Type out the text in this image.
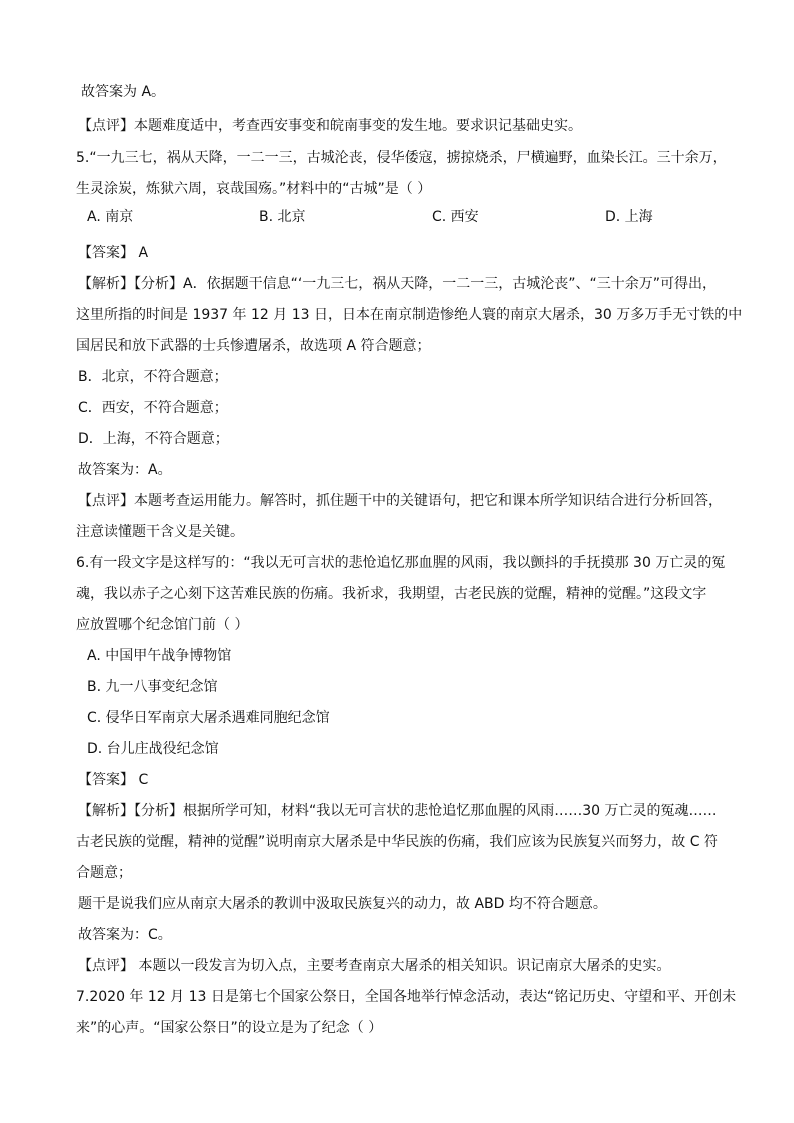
故答案为 A。
【点评】本题难度适中，考查西安事变和皖南事变的发生地。要求识记基础史实。
5.“一九三七，祸从天降，一二一三，古城沦丧，侵华倭寇，掳掠烧杀，尸横遍野，血染长江。三十余万，
生灵涂炭，炼狱六周，哀哉国殇。”材料中的“古城”是（ ）
【答案】 A
【解析】【分析】A．依据题干信息“‘一九三七，祸从天降，一二一三，古城沦丧”、“三十余万”可得出，
这里所指的时间是 1937 年 12 月 13 日，日本在南京制造惨绝人寰的南京大屠杀，30 万多万手无寸铁的中
国居民和放下武器的士兵惨遭屠杀，故选项 A 符合题意；
B．北京，不符合题意；
C．西安，不符合题意；
D．上海，不符合题意；
故答案为：A。
【点评】本题考查运用能力。解答时，抓住题干中的关键语句，把它和课本所学知识结合进行分析回答，
注意读懂题干含义是关键。
6.有一段文字是这样写的：“我以无可言状的悲怆追忆那血腥的风雨，我以颤抖的手抚摸那 30 万亡灵的冤
魂，我以赤子之心刻下这苦难民族的伤痛。我祈求，我期望，古老民族的觉醒，精神的觉醒。”这段文字
应放置哪个纪念馆门前（ ）
A. 中国甲午战争博物馆
B. 九一八事变纪念馆
C. 侵华日军南京大屠杀遇难同胞纪念馆
D. 台儿庄战役纪念馆
【答案】 C
【解析】【分析】根据所学可知，材料“我以无可言状的悲怆追忆那血腥的风雨……30 万亡灵的冤魂……
古老民族的觉醒，精神的觉醒”说明南京大屠杀是中华民族的伤痛，我们应该为民族复兴而努力，故 C 符
合题意；
题干是说我们应从南京大屠杀的教训中汲取民族复兴的动力，故 ABD 均不符合题意。
故答案为：C。
【点评】 本题以一段发言为切入点，主要考查南京大屠杀的相关知识。识记南京大屠杀的史实。
7.2020 年 12 月 13 日是第七个国家公祭日，全国各地举行悼念活动，表达“铭记历史、守望和平、开创未
来”的心声。“国家公祭日”的设立是为了纪念（ ）
A. 南京	B. 北京	C. 西安	D. 上海
